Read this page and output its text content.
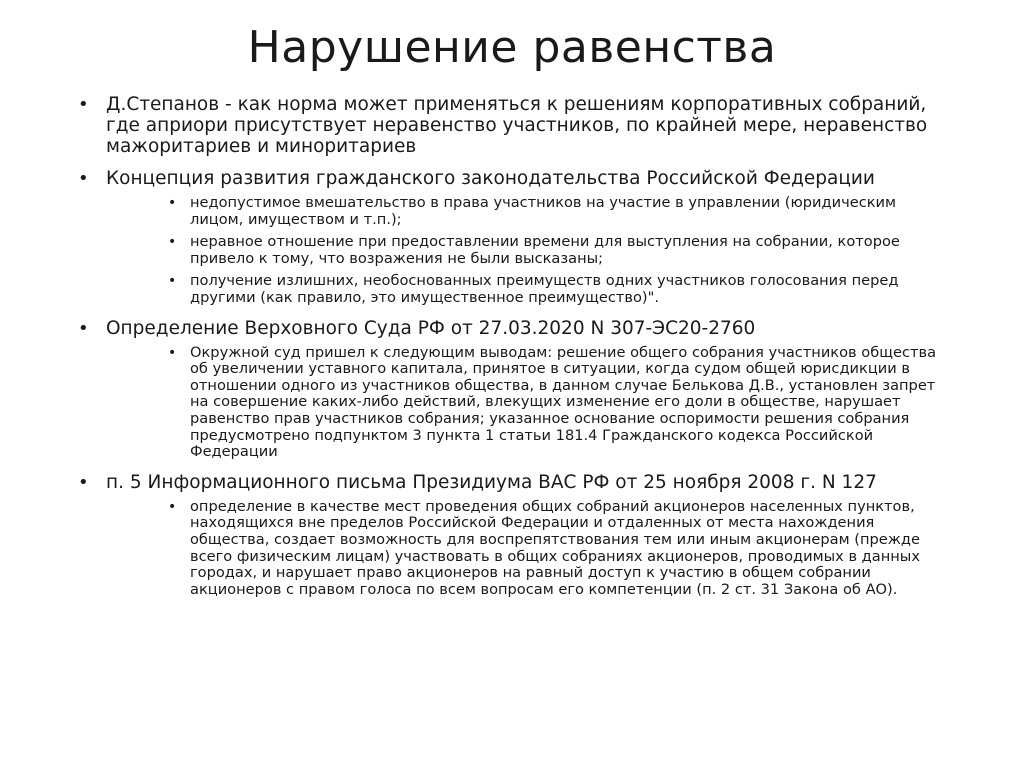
Нарушение равенства
• Д.Степанов - как норма может применяться к решениям корпоративных собраний, где априори присутствует неравенство участников, по крайней мере, неравенство мажоритариев и миноритариев
• Концепция развития гражданского законодательства Российской Федерации
• недопустимое вмешательство в права участников на участие в управлении (юридическим лицом, имуществом и т.п.);
• неравное отношение при предоставлении времени для выступления на собрании, которое привело к тому, что возражения не были высказаны;
• получение излишних, необоснованных преимуществ одних участников голосования перед другими (как правило, это имущественное преимущество)".
• Определение Верховного Суда РФ от 27.03.2020 N 307-ЭС20-2760
• Окружной суд пришел к следующим выводам: решение общего собрания участников общества об увеличении уставного капитала, принятое в ситуации, когда судом общей юрисдикции в отношении одного из участников общества, в данном случае Белькова Д.В., установлен запрет на совершение каких-либо действий, влекущих изменение его доли в обществе, нарушает равенство прав участников собрания; указанное основание оспоримости решения собрания предусмотрено подпунктом 3 пункта 1 статьи 181.4 Гражданского кодекса Российской Федерации
• п. 5 Информационного письма Президиума ВАС РФ от 25 ноября 2008 г. N 127
• определение в качестве мест проведения общих собраний акционеров населенных пунктов, находящихся вне пределов Российской Федерации и отдаленных от места нахождения общества, создает возможность для воспрепятствования тем или иным акционерам (прежде всего физическим лицам) участвовать в общих собраниях акционеров, проводимых в данных городах, и нарушает право акционеров на равный доступ к участию в общем собрании акционеров с правом голоса по всем вопросам его компетенции (п. 2 ст. 31 Закона об АО).
